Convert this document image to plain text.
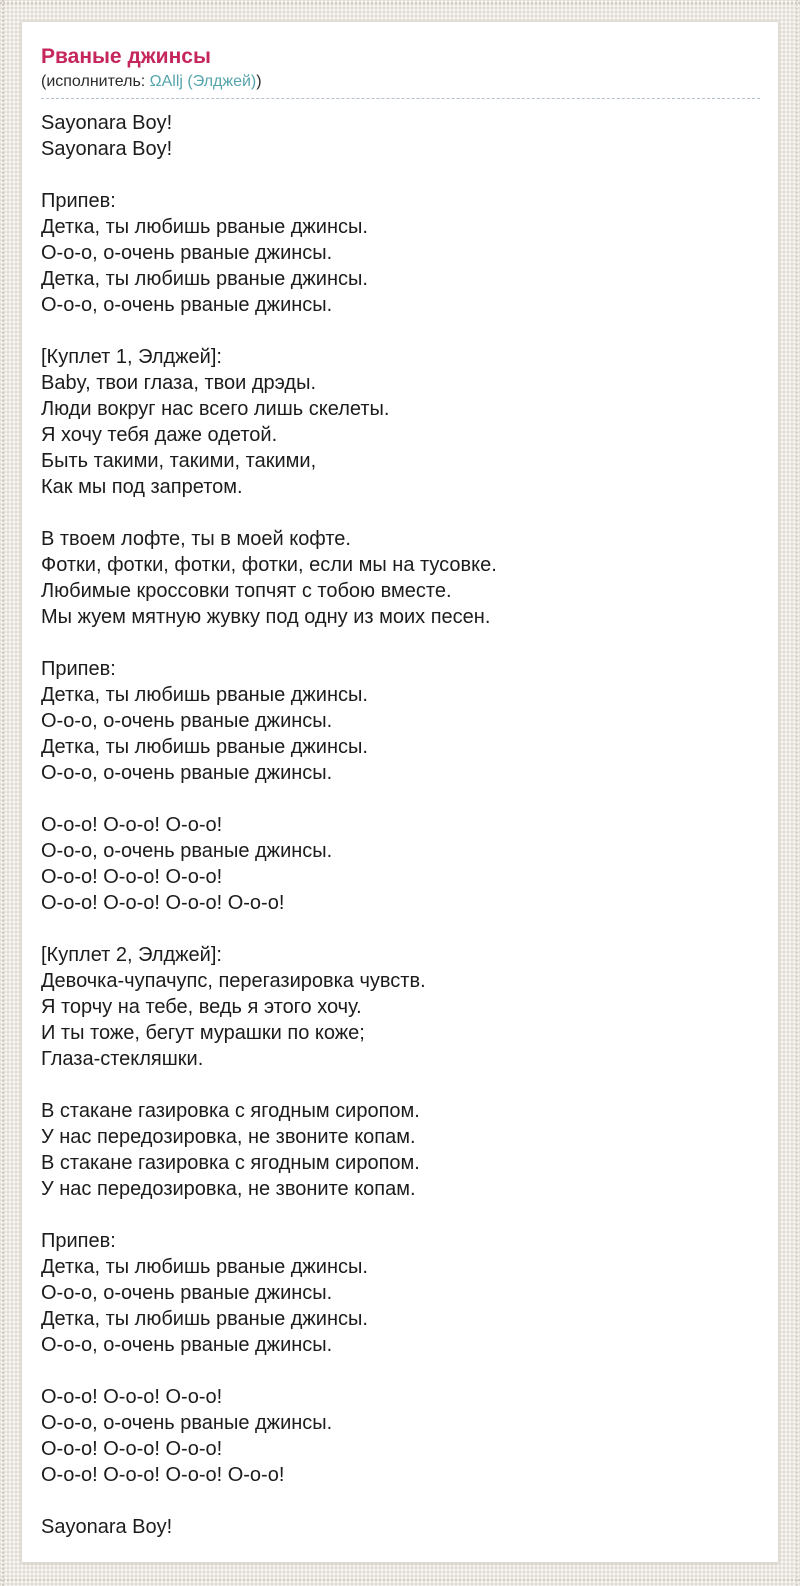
Рваные джинсы
(исполнитель: ΩAllj (Элджей))
Sayonara Boy!
Sayonara Boy!

Припев:
Детка, ты любишь рваные джинсы.
О-о-о, о-очень рваные джинсы.
Детка, ты любишь рваные джинсы.
О-о-о, о-очень рваные джинсы.

[Куплет 1, Элджей]:
Baby, твои глаза, твои дрэды.
Люди вокруг нас всего лишь скелеты.
Я хочу тебя даже одетой.
Быть такими, такими, такими,
Как мы под запретом.

В твоем лофте, ты в моей кофте.
Фотки, фотки, фотки, фотки, если мы на тусовке.
Любимые кроссовки топчят с тобою вместе.
Мы жуем мятную жувку под одну из моих песен.

Припев:
Детка, ты любишь рваные джинсы.
О-о-о, о-очень рваные джинсы.
Детка, ты любишь рваные джинсы.
О-о-о, о-очень рваные джинсы.

О-о-о! О-о-о! О-о-о!
О-о-о, о-очень рваные джинсы.
О-о-о! О-о-о! О-о-о!
О-о-о! О-о-о! О-о-о! О-о-о!

[Куплет 2, Элджей]:
Девочка-чупачупс, перегазировка чувств.
Я торчу на тебе, ведь я этого хочу.
И ты тоже, бегут мурашки по коже;
Глаза-стекляшки.

В стакане газировка с ягодным сиропом.
У нас передозировка, не звоните копам.
В стакане газировка с ягодным сиропом.
У нас передозировка, не звоните копам.

Припев:
Детка, ты любишь рваные джинсы.
О-о-о, о-очень рваные джинсы.
Детка, ты любишь рваные джинсы.
О-о-о, о-очень рваные джинсы.

О-о-о! О-о-о! О-о-о!
О-о-о, о-очень рваные джинсы.
О-о-о! О-о-о! О-о-о!
О-о-о! О-о-о! О-о-о! О-о-о!

Sayonara Boy!
